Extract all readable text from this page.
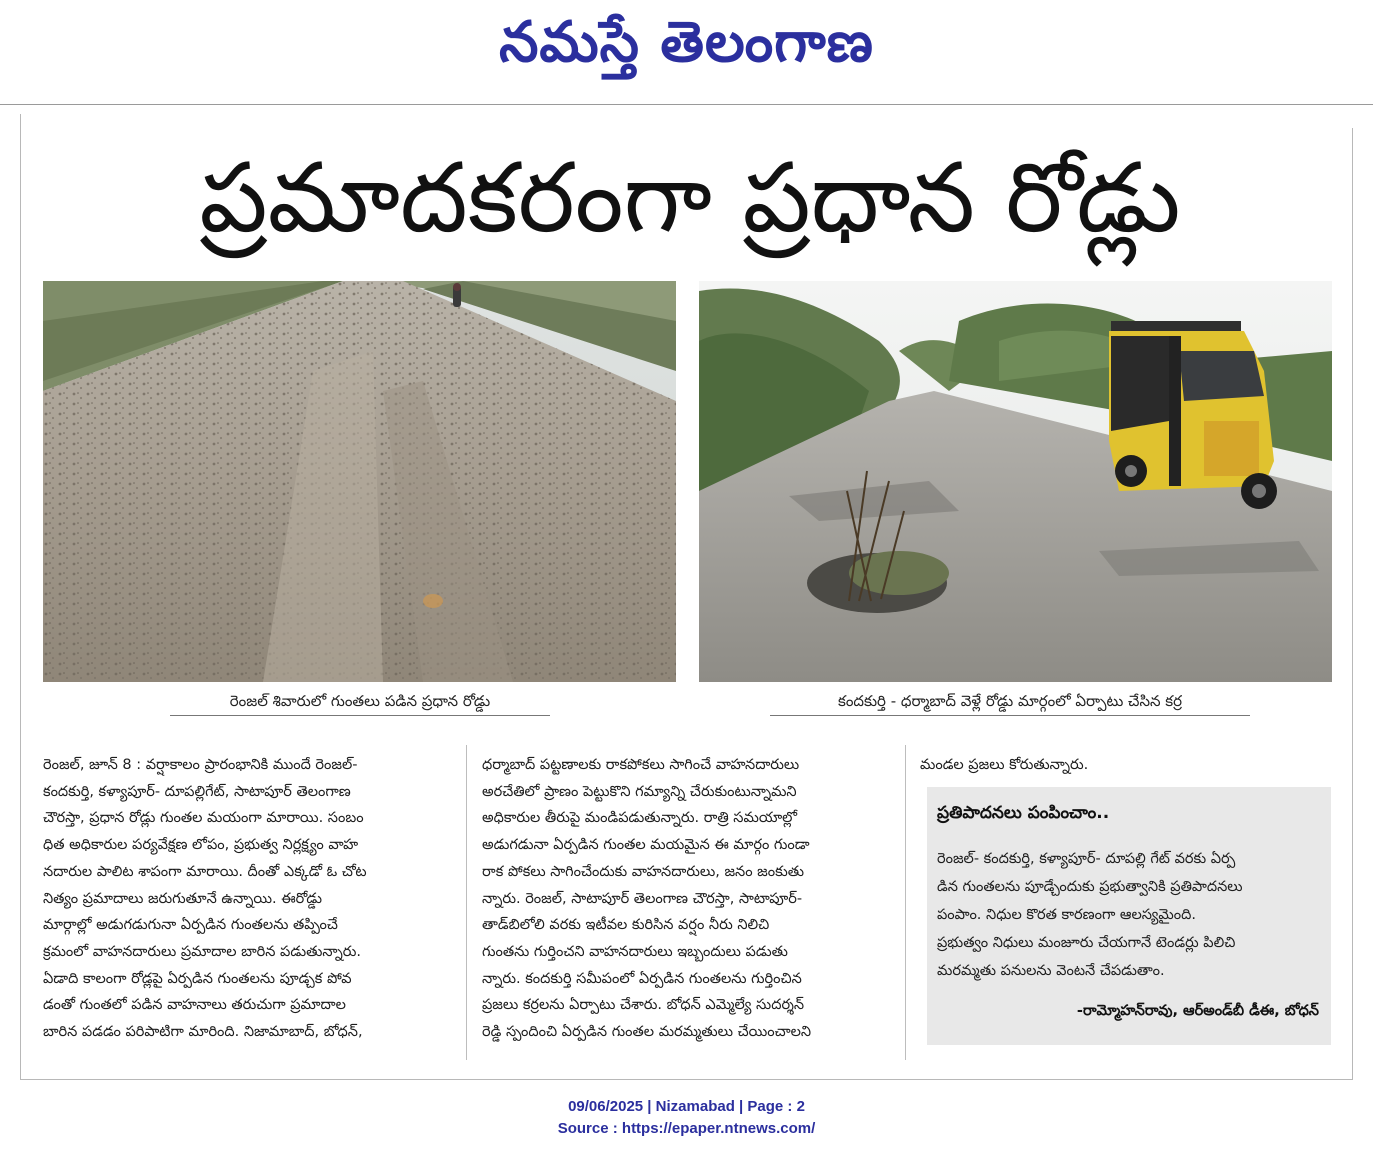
నమస్తే తెలంగాణ
ప్రమాదకరంగా ప్రధాన రోడ్లు
రెంజల్ శివారులో గుంతలు పడిన ప్రధాన రోడ్డు	కందకుర్తి - ధర్మాబాద్ వెళ్లే రోడ్డు మార్గంలో ఏర్పాటు చేసిన కర్ర

రెంజల్, జూన్ 8 : వర్షాకాలం ప్రారంభానికి ముందే రెంజల్-

కందకుర్తి, కళ్యాపూర్- దూపల్లిగేట్, సాటాపూర్ తెలంగాణ

చౌరస్తా, ప్రధాన రోడ్లు గుంతల మయంగా మారాయి. సంబం

ధిత అధికారుల పర్యవేక్షణ లోపం, ప్రభుత్వ నిర్లక్ష్యం వాహ

నదారుల పాలిట శాపంగా మారాయి. దీంతో ఎక్కడో ఓ చోట

నిత్యం ప్రమాదాలు జరుగుతూనే ఉన్నాయి. ఈరోడ్డు

మార్గాల్లో అడుగడుగునా ఏర్పడిన గుంతలను తప్పించే

క్రమంలో వాహనదారులు ప్రమాదాల బారిన పడుతున్నారు.

ఏడాది కాలంగా రోడ్లపై ఏర్పడిన గుంతలను పూడ్చక పోవ

డంతో గుంతలో పడిన వాహనాలు తరుచుగా ప్రమాదాల

బారిన పడడం పరిపాటిగా మారింది. నిజామాబాద్, బోధన్,

ధర్మాబాద్ పట్టణాలకు రాకపోకలు సాగించే వాహనదారులు

అరచేతిలో ప్రాణం పెట్టుకొని గమ్యాన్ని చేరుకుంటున్నామని

అధికారుల తీరుపై మండిపడుతున్నారు. రాత్రి సమయాల్లో

అడుగడునా ఏర్పడిన గుంతల మయమైన ఈ మార్గం గుండా

రాక పోకలు సాగించేందుకు వాహనదారులు, జనం జంకుతు

న్నారు. రెంజల్, సాటాపూర్ తెలంగాణ చౌరస్తా, సాటాపూర్-

తాడ్‌బిలోలి వరకు ఇటీవల కురిసిన వర్షం నీరు నిలిచి

గుంతను గుర్తించని వాహనదారులు ఇబ్బందులు పడుతు

న్నారు. కందకుర్తి సమీపంలో ఏర్పడిన గుంతలను గుర్తించిన

ప్రజలు కర్రలను ఏర్పాటు చేశారు. బోధన్ ఎమ్మెల్యే సుదర్శన్

రెడ్డి స్పందించి ఏర్పడిన గుంతల మరమ్మతులు చేయించాలని

మండల ప్రజలు కోరుతున్నారు.

ప్రతిపాదనలు పంపించాం..

రెంజల్- కందకుర్తి, కళ్యాపూర్- దూపల్లి గేట్ వరకు ఏర్ప

డిన గుంతలను పూడ్చేందుకు ప్రభుత్వానికి ప్రతిపాదనలు

పంపాం. నిధుల కొరత కారణంగా ఆలస్యమైంది.

ప్రభుత్వం నిధులు మంజూరు చేయగానే టెండర్లు పిలిచి

మరమ్మతు పనులను వెంటనే చేపడుతాం.

-రామ్మోహన్‌రావు, ఆర్అండ్‌బీ డీఈ, బోధన్
09/06/2025 | Nizamabad | Page : 2
Source : https://epaper.ntnews.com/
